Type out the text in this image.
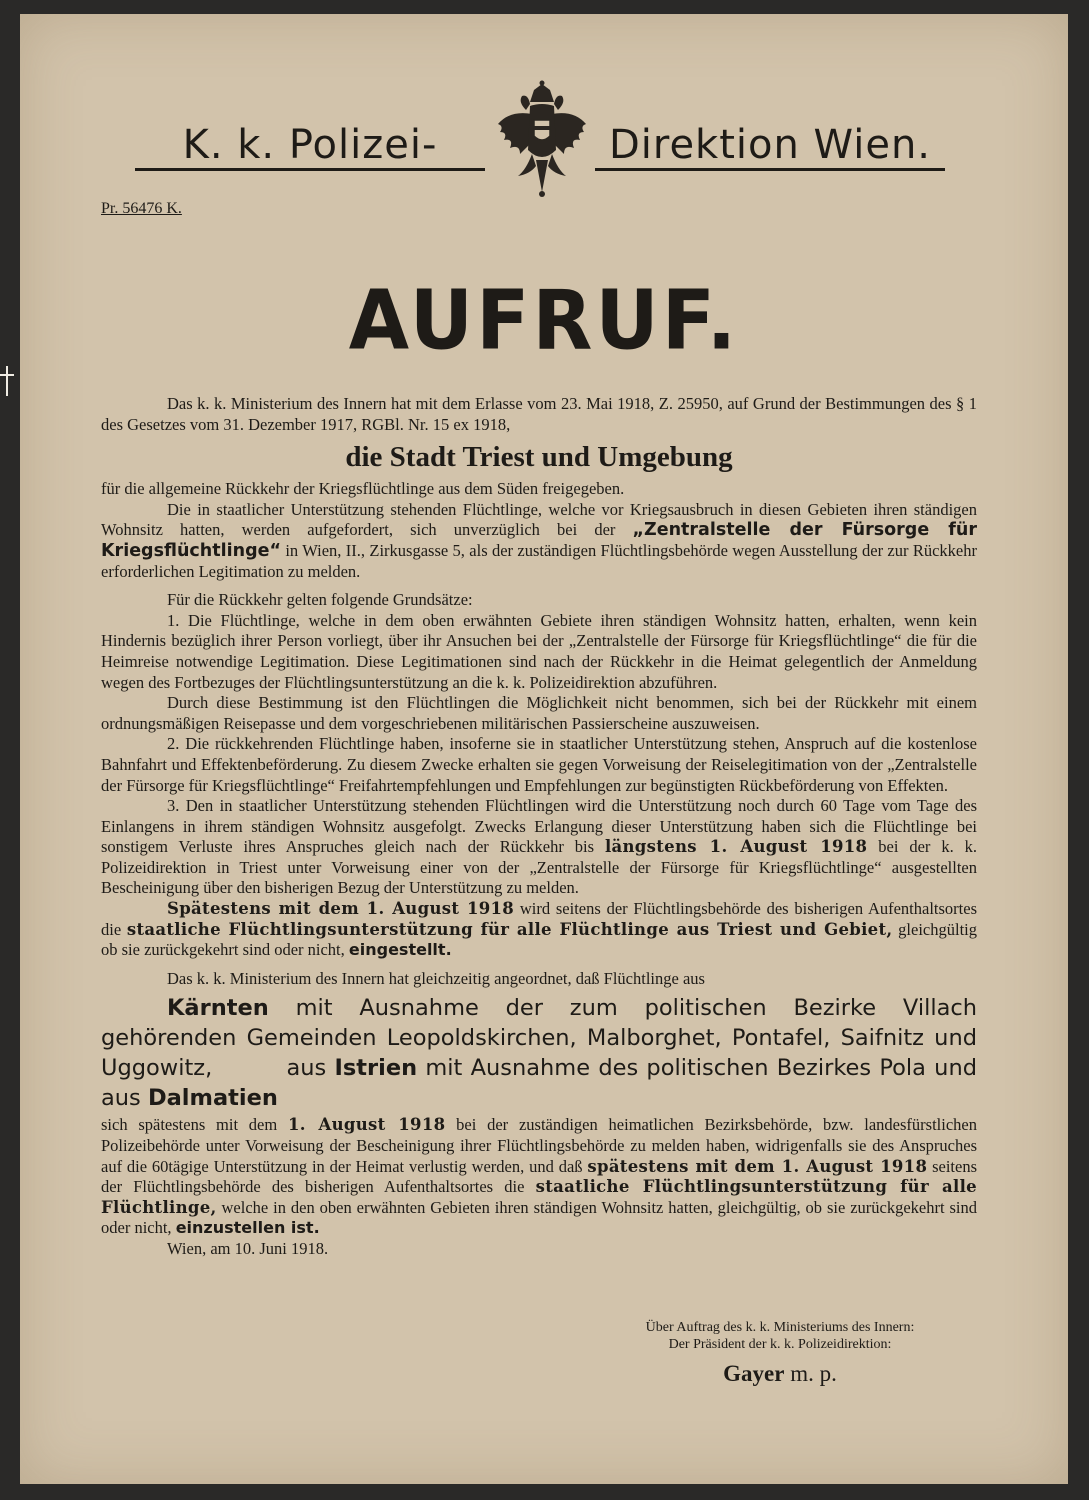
K. k. Polizei-	Direktion Wien.
Pr. 56476 K.
AUFRUF.

Das k. k. Ministerium des Innern hat mit dem Erlasse vom 23. Mai 1918, Z. 25950, auf Grund der Bestimmungen des § 1 des Gesetzes vom 31. Dezember 1917, RGBl. Nr. 15 ex 1918,

die Stadt Triest und Umgebung

für die allgemeine Rückkehr der Kriegsflüchtlinge aus dem Süden freigegeben.

Die in staatlicher Unterstützung stehenden Flüchtlinge, welche vor Kriegsausbruch in diesen Gebieten ihren ständigen Wohnsitz hatten, werden aufgefordert, sich unverzüglich bei der „Zentralstelle der Fürsorge für Kriegsflüchtlinge“ in Wien, II., Zirkusgasse 5, als der zuständigen Flüchtlingsbehörde wegen Ausstellung der zur Rückkehr erforderlichen Legitimation zu melden.

Für die Rückkehr gelten folgende Grundsätze:

1. Die Flüchtlinge, welche in dem oben erwähnten Gebiete ihren ständigen Wohnsitz hatten, erhalten, wenn kein Hindernis bezüglich ihrer Person vorliegt, über ihr Ansuchen bei der „Zentralstelle der Fürsorge für Kriegsflüchtlinge“ die für die Heimreise notwendige Legitimation. Diese Legitimationen sind nach der Rückkehr in die Heimat gelegentlich der Anmeldung wegen des Fortbezuges der Flüchtlingsunterstützung an die k. k. Polizeidirektion abzuführen.

Durch diese Bestimmung ist den Flüchtlingen die Möglichkeit nicht benommen, sich bei der Rückkehr mit einem ordnungsmäßigen Reisepasse und dem vorgeschriebenen militärischen Passierscheine auszuweisen.

2. Die rückkehrenden Flüchtlinge haben, insoferne sie in staatlicher Unterstützung stehen, Anspruch auf die kostenlose Bahnfahrt und Effektenbeförderung. Zu diesem Zwecke erhalten sie gegen Vorweisung der Reiselegitimation von der „Zentralstelle der Fürsorge für Kriegsflüchtlinge“ Freifahrtempfehlungen und Empfehlungen zur begünstigten Rückbeförderung von Effekten.

3. Den in staatlicher Unterstützung stehenden Flüchtlingen wird die Unterstützung noch durch 60 Tage vom Tage des Einlangens in ihrem ständigen Wohnsitz ausgefolgt. Zwecks Erlangung dieser Unterstützung haben sich die Flüchtlinge bei sonstigem Verluste ihres Anspruches gleich nach der Rückkehr bis längstens 1. August 1918 bei der k. k. Polizeidirektion in Triest unter Vorweisung einer von der „Zentralstelle der Fürsorge für Kriegsflüchtlinge“ ausgestellten Bescheinigung über den bisherigen Bezug der Unterstützung zu melden.

Spätestens mit dem 1. August 1918 wird seitens der Flüchtlingsbehörde des bisherigen Aufenthaltsortes die staatliche Flüchtlingsunterstützung für alle Flüchtlinge aus Triest und Gebiet, gleichgültig ob sie zurückgekehrt sind oder nicht, eingestellt.

Das k. k. Ministerium des Innern hat gleichzeitig angeordnet, daß Flüchtlinge aus

Kärnten mit Ausnahme der zum politischen Bezirke Villach gehörenden Gemeinden Leopoldskirchen, Malborghet, Pontafel, Saifnitz und Uggowitz,	aus Istrien mit Ausnahme des politischen Bezirkes Pola und aus Dalmatien

sich spätestens mit dem 1. August 1918 bei der zuständigen heimatlichen Bezirksbehörde, bzw. landesfürstlichen Polizeibehörde unter Vorweisung der Bescheinigung ihrer Flüchtlingsbehörde zu melden haben, widrigenfalls sie des Anspruches auf die 60tägige Unterstützung in der Heimat verlustig werden, und daß spätestens mit dem 1. August 1918 seitens der Flüchtlingsbehörde des bisherigen Aufenthaltsortes die staatliche Flüchtlingsunterstützung für alle Flüchtlinge, welche in den oben erwähnten Gebieten ihren ständigen Wohnsitz hatten, gleichgültig, ob sie zurückgekehrt sind oder nicht, einzustellen ist.

Wien, am 10. Juni 1918.

Über Auftrag des k. k. Ministeriums des Innern:
Der Präsident der k. k. Polizeidirektion:
Gayer m. p.
